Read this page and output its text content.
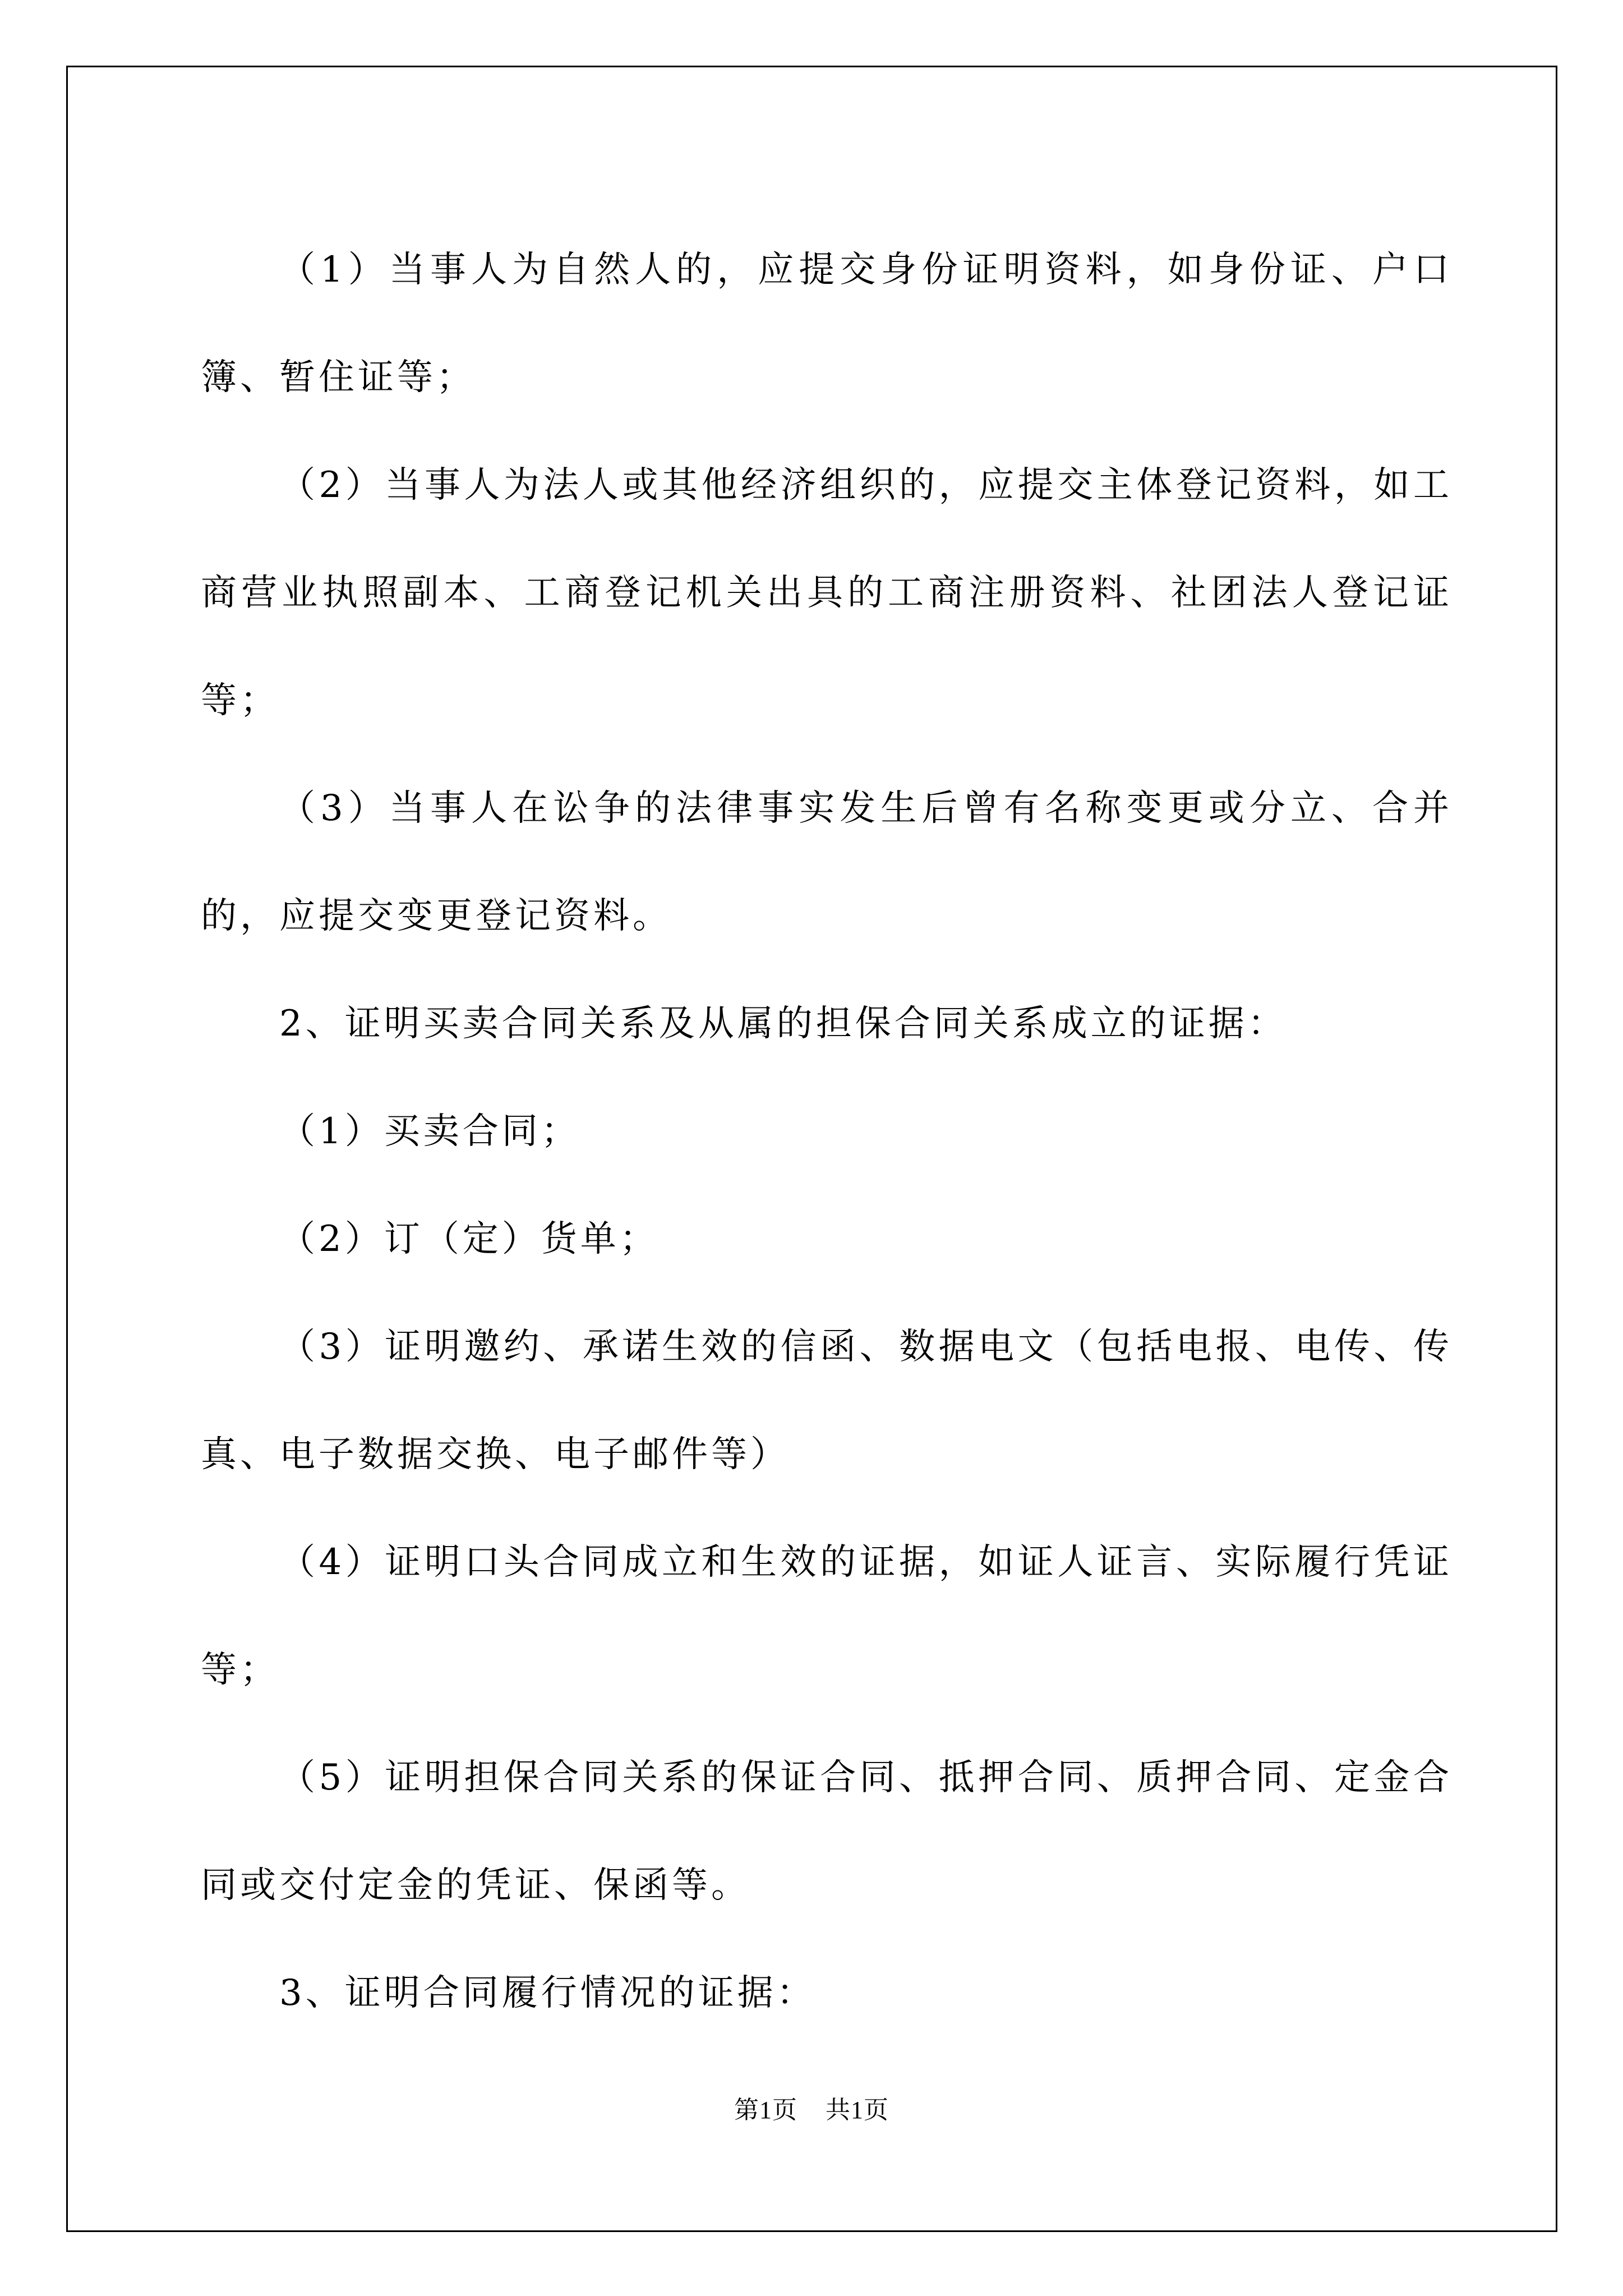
（1）当事人为自然人的，应提交身份证明资料，如身份证、户口簿、暂住证等；

（2）当事人为法人或其他经济组织的，应提交主体登记资料，如工商营业执照副本、工商登记机关出具的工商注册资料、社团法人登记证等；

（3）当事人在讼争的法律事实发生后曾有名称变更或分立、合并的，应提交变更登记资料。

2、证明买卖合同关系及从属的担保合同关系成立的证据：

（1）买卖合同；

（2）订（定）货单；

（3）证明邀约、承诺生效的信函、数据电文（包括电报、电传、传真、电子数据交换、电子邮件等）

（4）证明口头合同成立和生效的证据，如证人证言、实际履行凭证等；

（5）证明担保合同关系的保证合同、抵押合同、质押合同、定金合同或交付定金的凭证、保函等。

3、证明合同履行情况的证据：

第1页 共1页
